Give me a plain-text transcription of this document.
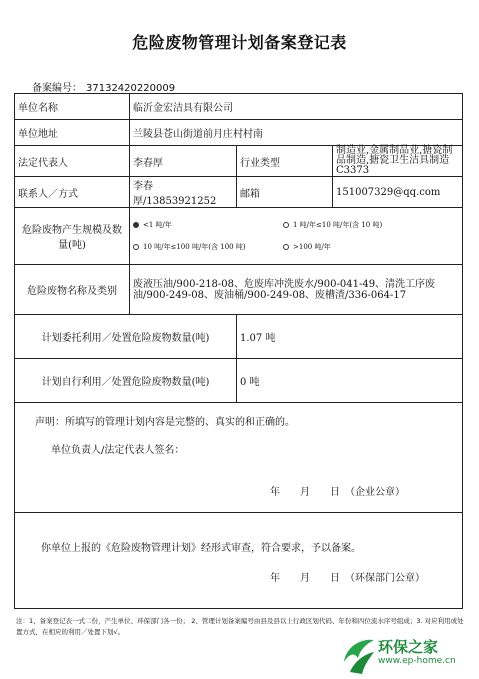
危险废物管理计划备案登记表
备案编号： 37132420220009
单位名称	临沂金宏洁具有限公司		
单位地址	兰陵县苍山街道前月庄村村南		
法定代表人	李春厚	行业类型	制造业,金属制品业,搪瓷制品制造,搪瓷卫生洁具制造 C3373
联系人／方式	李春厚/13853921252	邮箱	151007329@qq.com
危险废物产生规模及数量(吨)	<1 吨/年 1 吨/年≤10 吨/年(含 10 吨)
10 吨/年≤100 吨/年(含 100 吨) >100 吨/年		

危险废物名称及类别	废液压油/900-218-08、危废库冲洗废水/900-041-49、清洗工序废油/900-249-08、废油桶/900-249-08、废槽渣/336-064-17		
计划委托利用／处置危险废物数量(吨)		1.07 吨	
计划自行利用／处置危险废物数量(吨)		0 吨	

声明：所填写的管理计划内容是完整的、真实的和正确的。

单位负责人/法定代表人签名：

年　　月　　日　（企业公章）			

你单位上报的《危险废物管理计划》经形式审查，符合要求，予以备案。

年　　月　　日　（环保部门公章）			

注：1、备案登记表一式二份，产生单位、环保部门各一份； 2、管理计划备案编号由县及县以上行政区划代码、年份和四位流水序号组成；3. 对应利用或处置方式，在相应的利用／处置下划√。
环保之家
www.ep-home.cn
